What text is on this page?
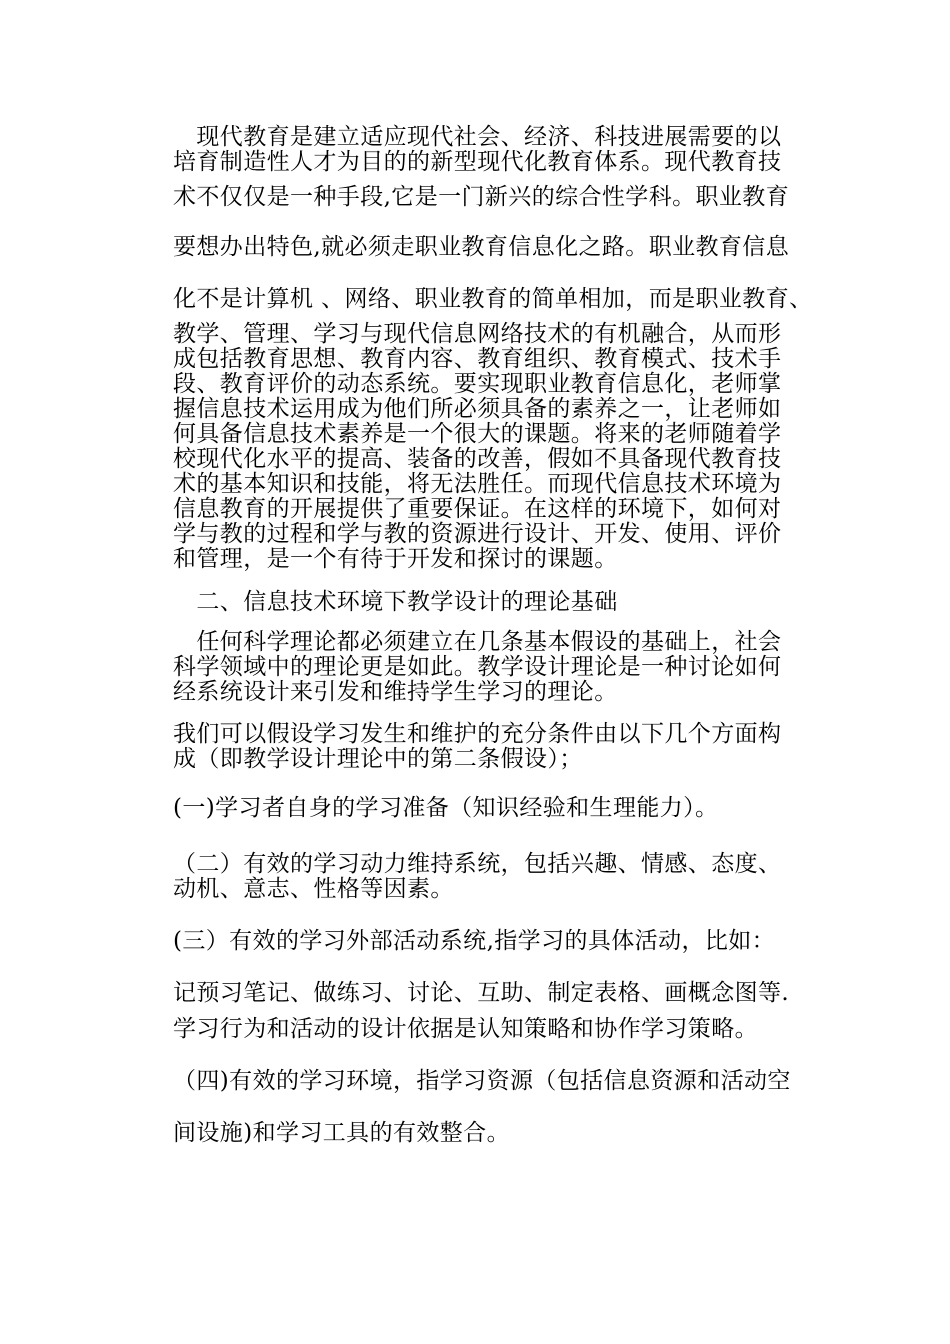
　现代教育是建立适应现代社会、经济、科技进展需要的以
培育制造性人才为目的的新型现代化教育体系。现代教育技
术不仅仅是一种手段,它是一门新兴的综合性学科。职业教育
要想办出特色,就必须走职业教育信息化之路。职业教育信息
化不是计算机 、网络、职业教育的简单相加，而是职业教育、
教学、管理、学习与现代信息网络技术的有机融合，从而形
成包括教育思想、教育内容、教育组织、教育模式、技术手
段、教育评价的动态系统。要实现职业教育信息化，老师掌
握信息技术运用成为他们所必须具备的素养之一，让老师如
何具备信息技术素养是一个很大的课题。将来的老师随着学
校现代化水平的提高、装备的改善，假如不具备现代教育技
术的基本知识和技能，将无法胜任。而现代信息技术环境为
信息教育的开展提供了重要保证。在这样的环境下，如何对
学与教的过程和学与教的资源进行设计、开发、使用、评价
和管理，是一个有待于开发和探讨的课题。
　二、信息技术环境下教学设计的理论基础
　任何科学理论都必须建立在几条基本假设的基础上，社会
科学领域中的理论更是如此。教学设计理论是一种讨论如何
经系统设计来引发和维持学生学习的理论。
我们可以假设学习发生和维护的充分条件由以下几个方面构
成（即教学设计理论中的第二条假设）；
(一)学习者自身的学习准备（知识经验和生理能力）。
（二）有效的学习动力维持系统，包括兴趣、情感、态度、
动机、意志、性格等因素。
(三）有效的学习外部活动系统,指学习的具体活动，比如：
记预习笔记、做练习、讨论、互助、制定表格、画概念图等.
学习行为和活动的设计依据是认知策略和协作学习策略。
（四)有效的学习环境，指学习资源（包括信息资源和活动空
间设施)和学习工具的有效整合。
